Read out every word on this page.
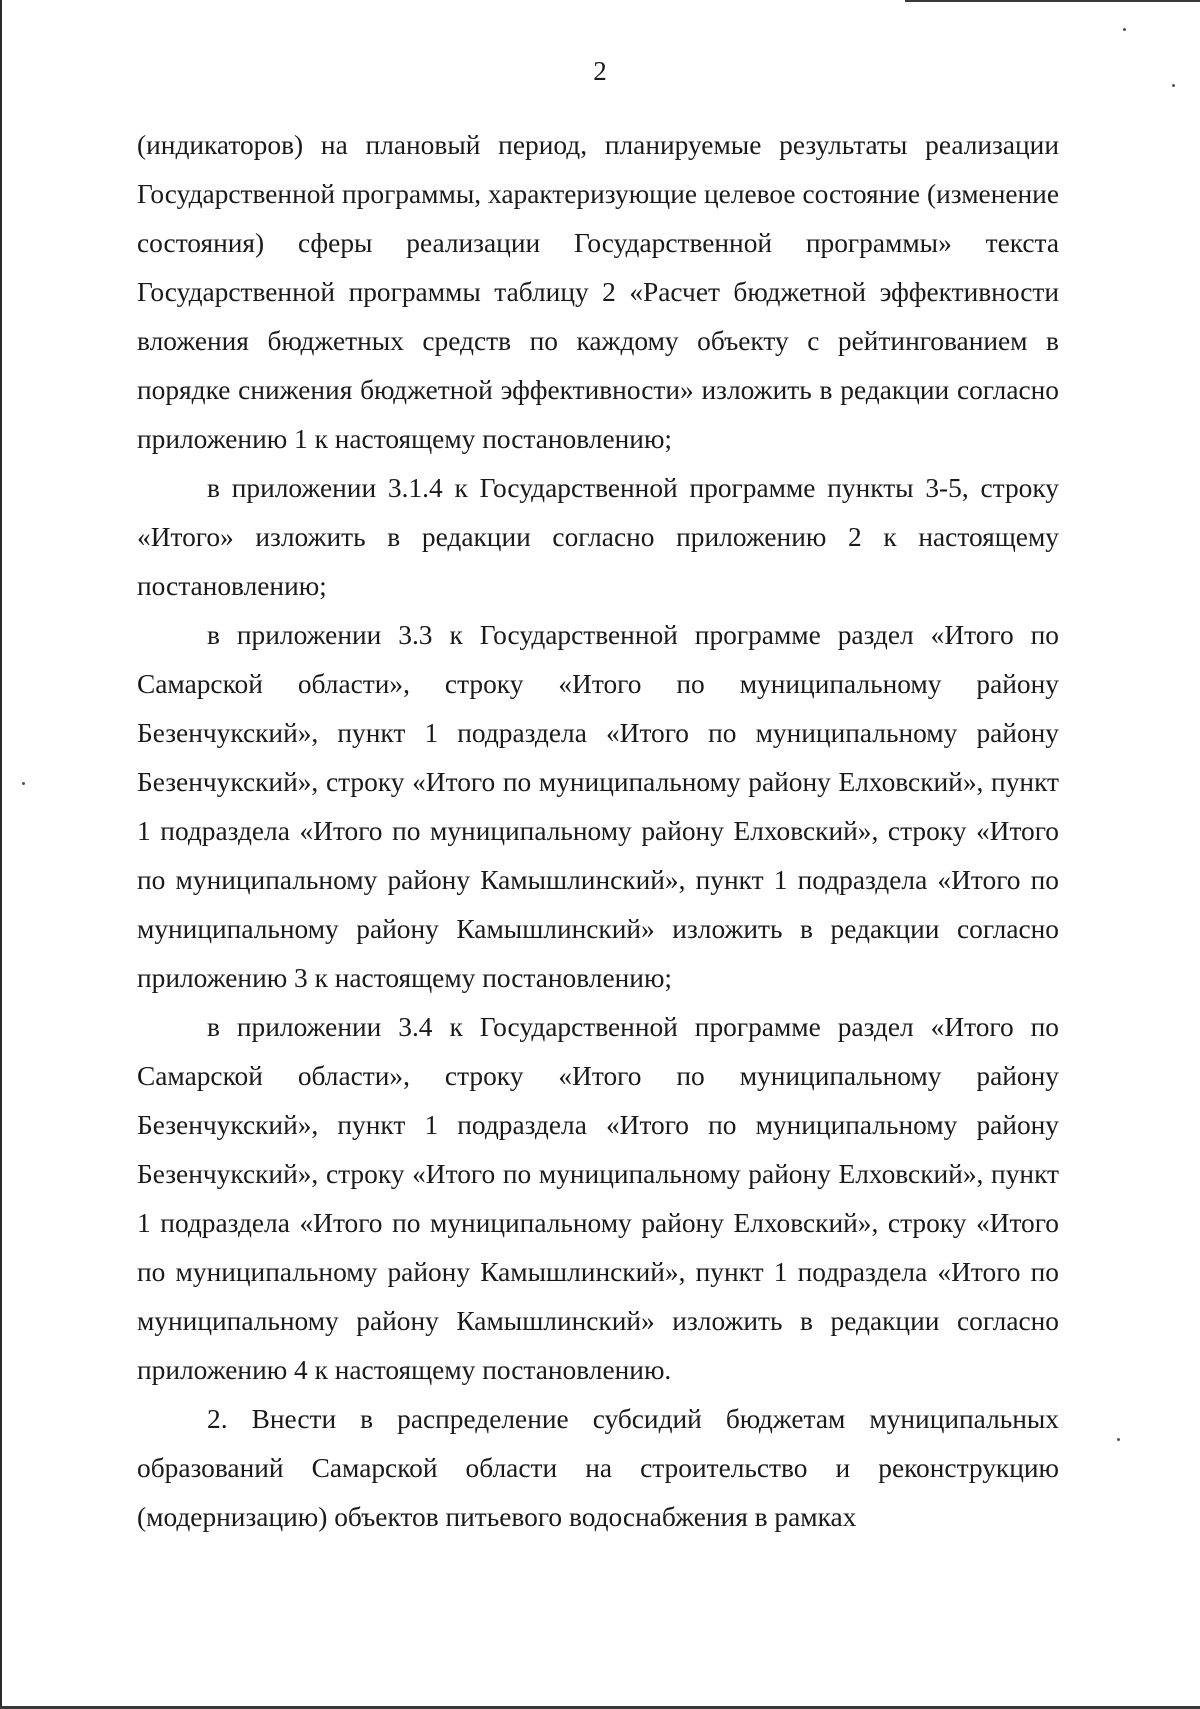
2

(индикаторов) на плановый период, планируемые результаты реализации Государственной программы, характеризующие целевое состояние (изменение состояния) сферы реализации Государственной программы» текста Государственной программы таблицу 2 «Расчет бюджетной эффективности вложения бюджетных средств по каждому объекту с рейтингованием в порядке снижения бюджетной эффективности» изложить в редакции согласно приложению 1 к настоящему постановлению;

в приложении 3.1.4 к Государственной программе пункты 3-5, строку «Итого» изложить в редакции согласно приложению 2 к настоящему постановлению;

в приложении 3.3 к Государственной программе раздел «Итого по Самарской области», строку «Итого по муниципальному району Безенчукский», пункт 1 подраздела «Итого по муниципальному району Безенчукский», строку «Итого по муниципальному району Елховский», пункт 1 подраздела «Итого по муниципальному району Елховский», строку «Итого по муниципальному району Камышлинский», пункт 1 подраздела «Итого по муниципальному району Камышлинский» изложить в редакции согласно приложению 3 к настоящему постановлению;

в приложении 3.4 к Государственной программе раздел «Итого по Самарской области», строку «Итого по муниципальному району Безенчукский», пункт 1 подраздела «Итого по муниципальному району Безенчукский», строку «Итого по муниципальному району Елховский», пункт 1 подраздела «Итого по муниципальному району Елховский», строку «Итого по муниципальному району Камышлинский», пункт 1 подраздела «Итого по муниципальному району Камышлинский» изложить в редакции согласно приложению 4 к настоящему постановлению.

2. Внести в распределение субсидий бюджетам муниципальных образований Самарской области на строительство и реконструкцию (модернизацию) объектов питьевого водоснабжения в рамках
